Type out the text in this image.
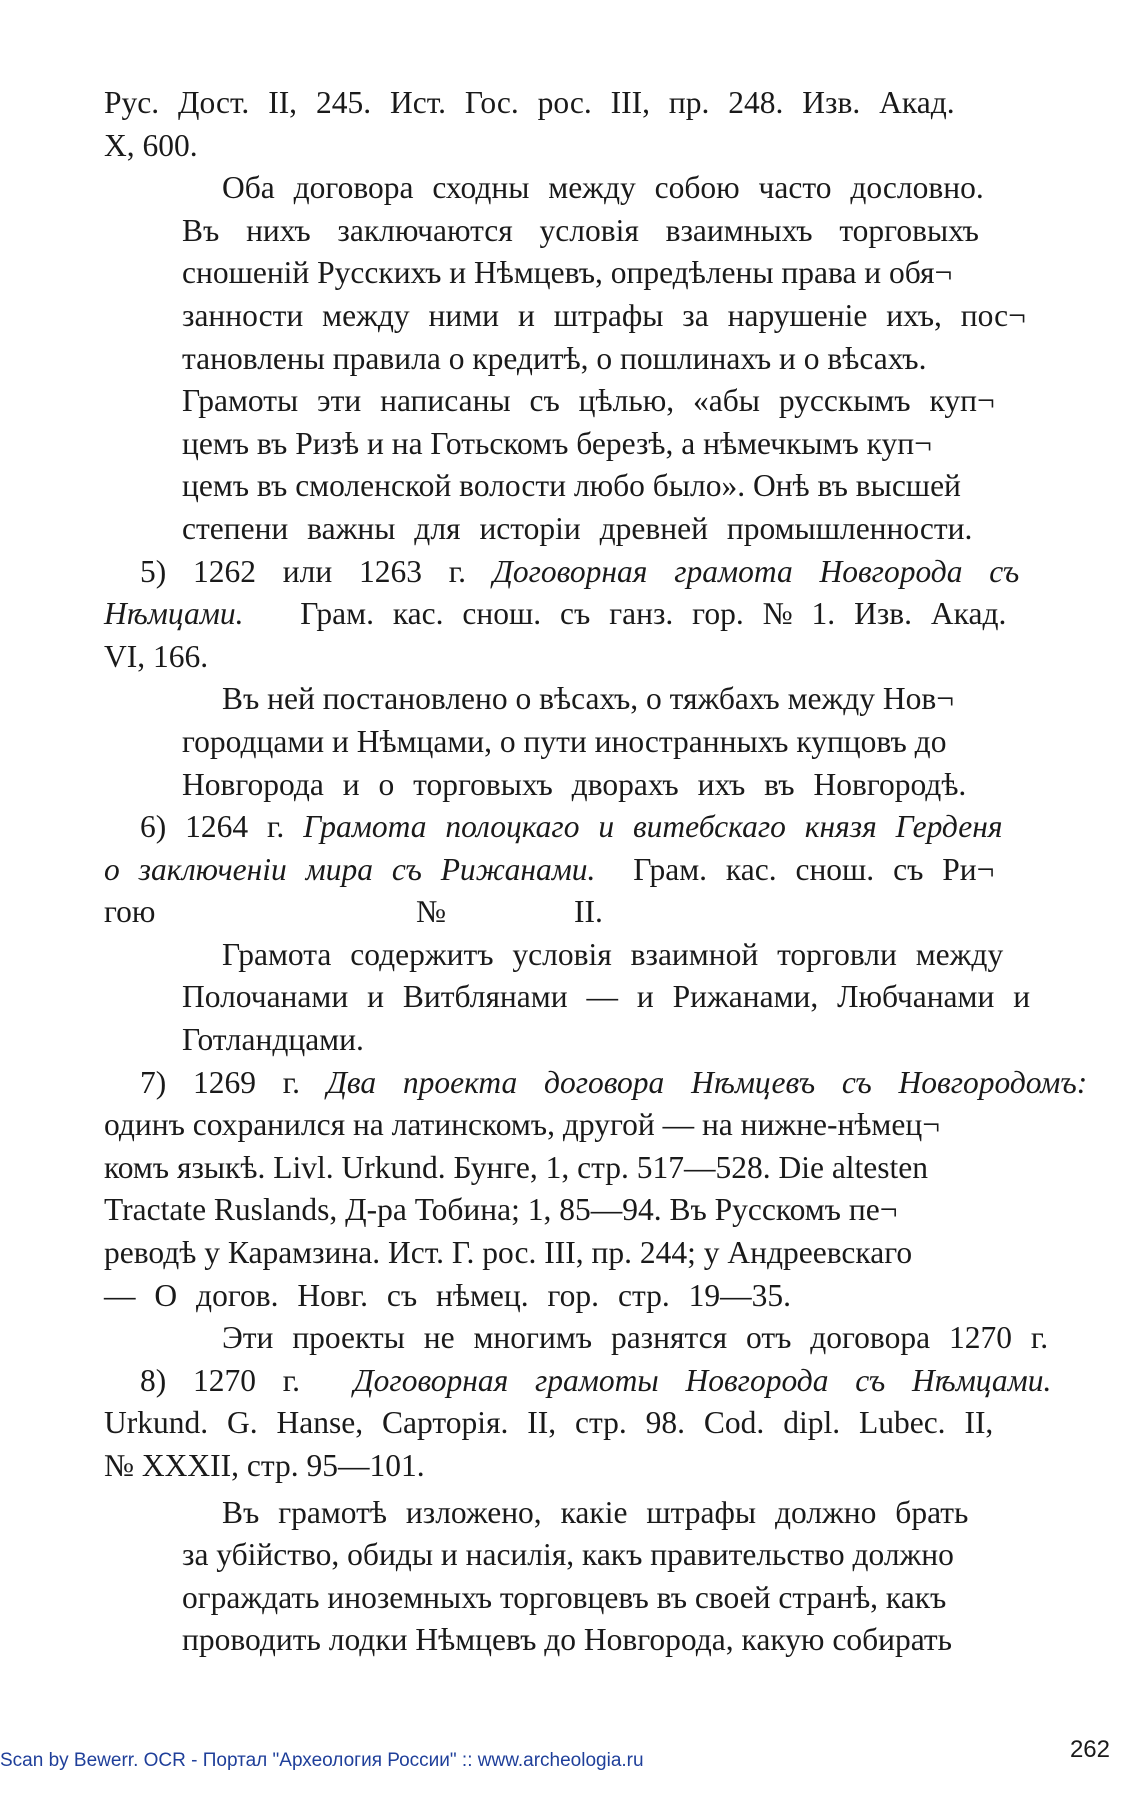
Рус. Дост. II, 245. Ист. Гос. рос. III, пр. 248. Изв. Акад.
X, 600.
Оба договора сходны между собою часто дословно.
Въ нихъ заключаются условія взаимныхъ торговыхъ
сношеній Русскихъ и Нѣмцевъ, опредѣлены права и обя¬
занности между ними и штрафы за нарушеніе ихъ, пос¬
тановлены правила о кредитѣ, о пошлинахъ и о вѣсахъ.
Грамоты эти написаны съ цѣлью, «абы русскымъ куп¬
цемъ въ Ризѣ и на Готьскомъ березѣ, а нѣмечкымъ куп¬
цемъ въ смоленской волости любо было». Онѣ въ высшей
степени важны для исторіи древней промышленности.
5) 1262 или 1263 г. Договорная грамота Новгорода съ
Нѣмцами. Грам. кас. снош. съ ганз. гор. № 1. Изв. Акад.
VI, 166.
Въ ней постановлено о вѣсахъ, о тяжбахъ между Нов¬
городцами и Нѣмцами, о пути иностранныхъ купцовъ до
Новгорода и о торговыхъ дворахъ ихъ въ Новгородѣ.
6) 1264 г. Грамота полоцкаго и витебскаго князя Герденя
о заключеніи мира съ Рижанами. Грам. кас. снош. съ Ри¬
гою	№	II.
Грамота содержитъ условія взаимной торговли между
Полочанами и Витблянами — и Рижанами, Любчанами и
Готландцами.
7) 1269 г. Два проекта договора Нѣмцевъ съ Новгородомъ:
одинъ сохранился на латинскомъ, другой — на нижне-нѣмец¬
комъ языкѣ. Livl. Urkund. Бунге, 1, стр. 517—528. Die altesten
Tractate Ruslands, Д-ра Тобина; 1, 85—94. Въ Русскомъ пе¬
реводѣ у Карамзина. Ист. Г. рос. III, пр. 244; у Андреевскаго
— О догов. Новг. съ нѣмец. гор. стр. 19—35.
Эти проекты не многимъ разнятся отъ договора 1270 г.
8) 1270 г. Договорная грамоты Новгорода съ Нѣмцами.
Urkund. G. Hanse, Сарторія. II, стр. 98. Cod. dipl. Lubec. II,
№ XXXII, стр. 95—101.
Въ грамотѣ изложено, какіе штрафы должно брать
за убійство, обиды и насилія, какъ правительство должно
ограждать иноземныхъ торговцевъ въ своей странѣ, какъ
проводить лодки Нѣмцевъ до Новгорода, какую собирать
Scan by Bewerr. OCR - Портал "Археология России" :: www.archeologia.ru	262
